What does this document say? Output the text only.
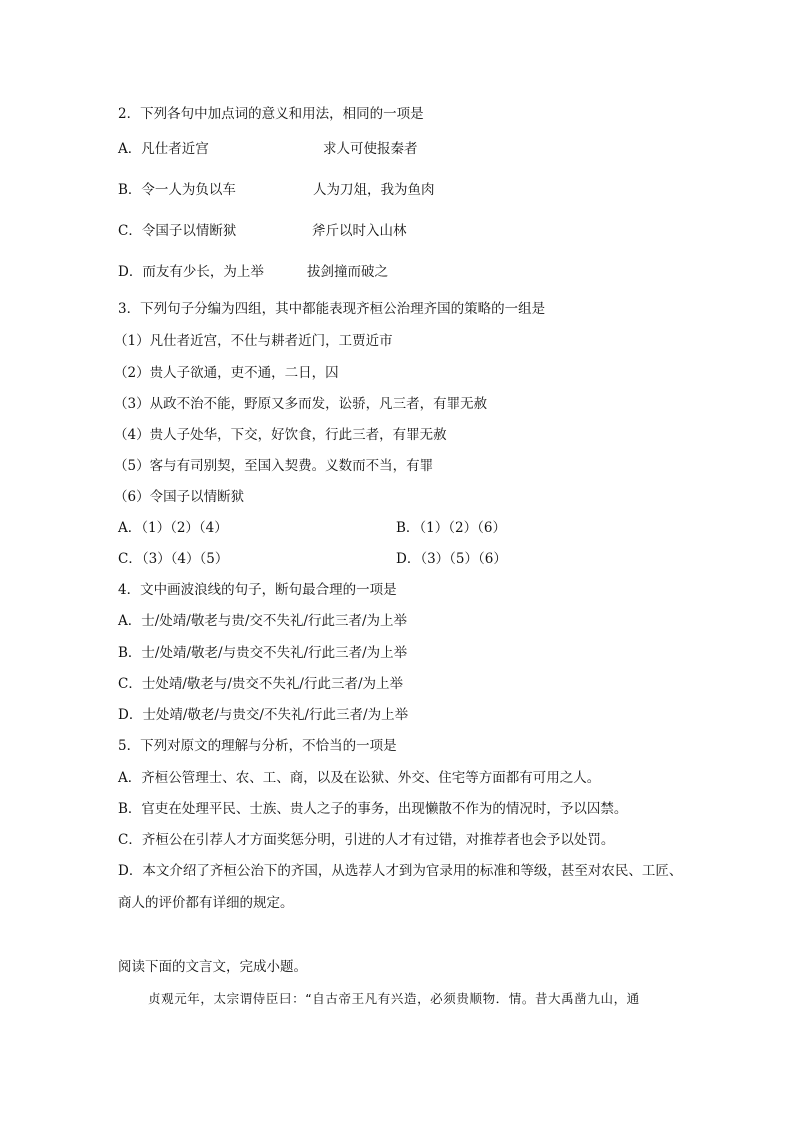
2．下列各句中加点词的意义和用法，相同的一项是
A．凡仕者近宫	求人可使报秦者
B．令一人为负以车	人为刀俎，我为鱼肉
C．令国子以情断狱	斧斤以时入山林
D．而友有少长，为上举	拔剑撞而破之
3．下列句子分编为四组，其中都能表现齐桓公治理齐国的策略的一组是
（1）凡仕者近宫，不仕与耕者近门，工贾近市
（2）贵人子欲通，吏不通，二日，囚
（3）从政不治不能，野原又多而发，讼骄，凡三者，有罪无赦
（4）贵人子处华，下交，好饮食，行此三者，有罪无赦
（5）客与有司别契，至国入契费。义数而不当，有罪
（6）令国子以情断狱
A．（1）（2）（4）	B．（1）（2）（6）
C．（3）（4）（5）	D．（3）（5）（6）
4．文中画波浪线的句子，断句最合理的一项是
A．士/处靖/敬老与贵/交不失礼/行此三者/为上举
B．士/处靖/敬老/与贵交不失礼/行此三者/为上举
C．士处靖/敬老与/贵交不失礼/行此三者/为上举
D．士处靖/敬老/与贵交/不失礼/行此三者/为上举
5．下列对原文的理解与分析，不恰当的一项是
A．齐桓公管理士、农、工、商，以及在讼狱、外交、住宅等方面都有可用之人。
B．官吏在处理平民、士族、贵人之子的事务，出现懒散不作为的情况时，予以囚禁。
C．齐桓公在引荐人才方面奖惩分明，引进的人才有过错，对推荐者也会予以处罚。
D．本文介绍了齐桓公治下的齐国，从选荐人才到为官录用的标准和等级，甚至对农民、工匠、商人的评价都有详细的规定。
阅读下面的文言文，完成小题。
贞观元年，太宗谓侍臣曰：“自古帝王凡有兴造，必须贵顺物．情。昔大禹凿九山，通
